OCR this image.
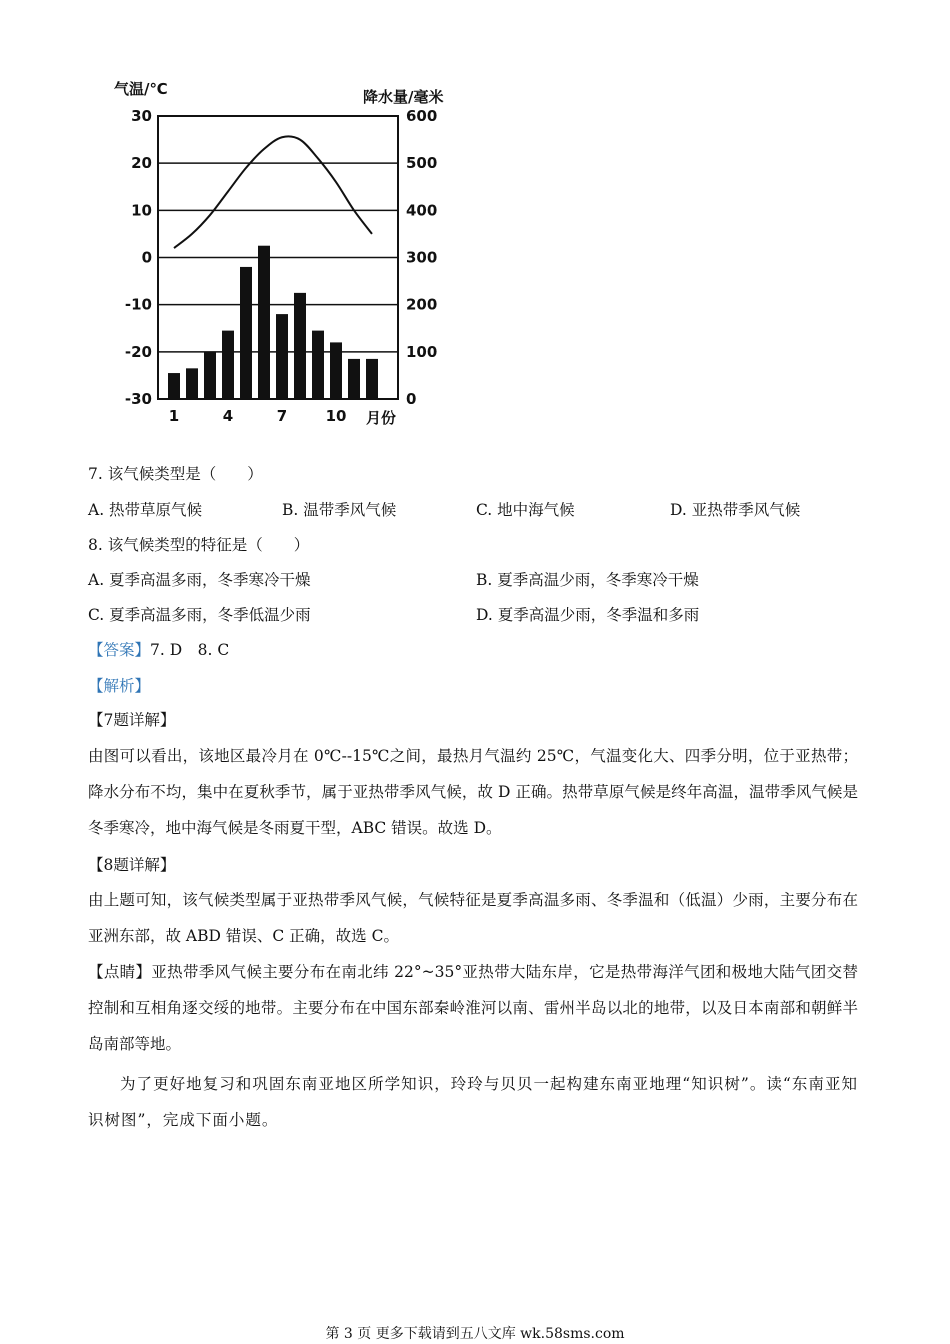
气温/℃	降水量/毫米
30
20
10
0
-10
-20
-30
600
500
400
300
200
100
0
1	4	7	10 月份
7. 该气候类型是（　　）
A. 热带草原气候	B. 温带季风气候	C. 地中海气候	D. 亚热带季风气候
8. 该气候类型的特征是（　　）
A. 夏季高温多雨，冬季寒冷干燥	B. 夏季高温少雨，冬季寒冷干燥
C. 夏季高温多雨，冬季低温少雨	D. 夏季高温少雨，冬季温和多雨
【答案】7. D　8. C
【解析】
【7题详解】
由图可以看出，该地区最冷月在 0℃--15℃之间，最热月气温约 25℃，气温变化大、四季分明，位于亚热带；降水分布不均，集中在夏秋季节，属于亚热带季风气候，故 D 正确。热带草原气候是终年高温，温带季风气候是冬季寒冷，地中海气候是冬雨夏干型，ABC 错误。故选 D。
【8题详解】
由上题可知，该气候类型属于亚热带季风气候，气候特征是夏季高温多雨、冬季温和（低温）少雨，主要分布在亚洲东部，故 ABD 错误、C 正确，故选 C。
【点睛】亚热带季风气候主要分布在南北纬 22°~35°亚热带大陆东岸，它是热带海洋气团和极地大陆气团交替控制和互相角逐交绥的地带。主要分布在中国东部秦岭淮河以南、雷州半岛以北的地带，以及日本南部和朝鲜半岛南部等地。
为了更好地复习和巩固东南亚地区所学知识，玲玲与贝贝一起构建东南亚地理“知识树”。读“东南亚知识树图”，完成下面小题。
第 3 页 更多下载请到五八文库 wk.58sms.com
